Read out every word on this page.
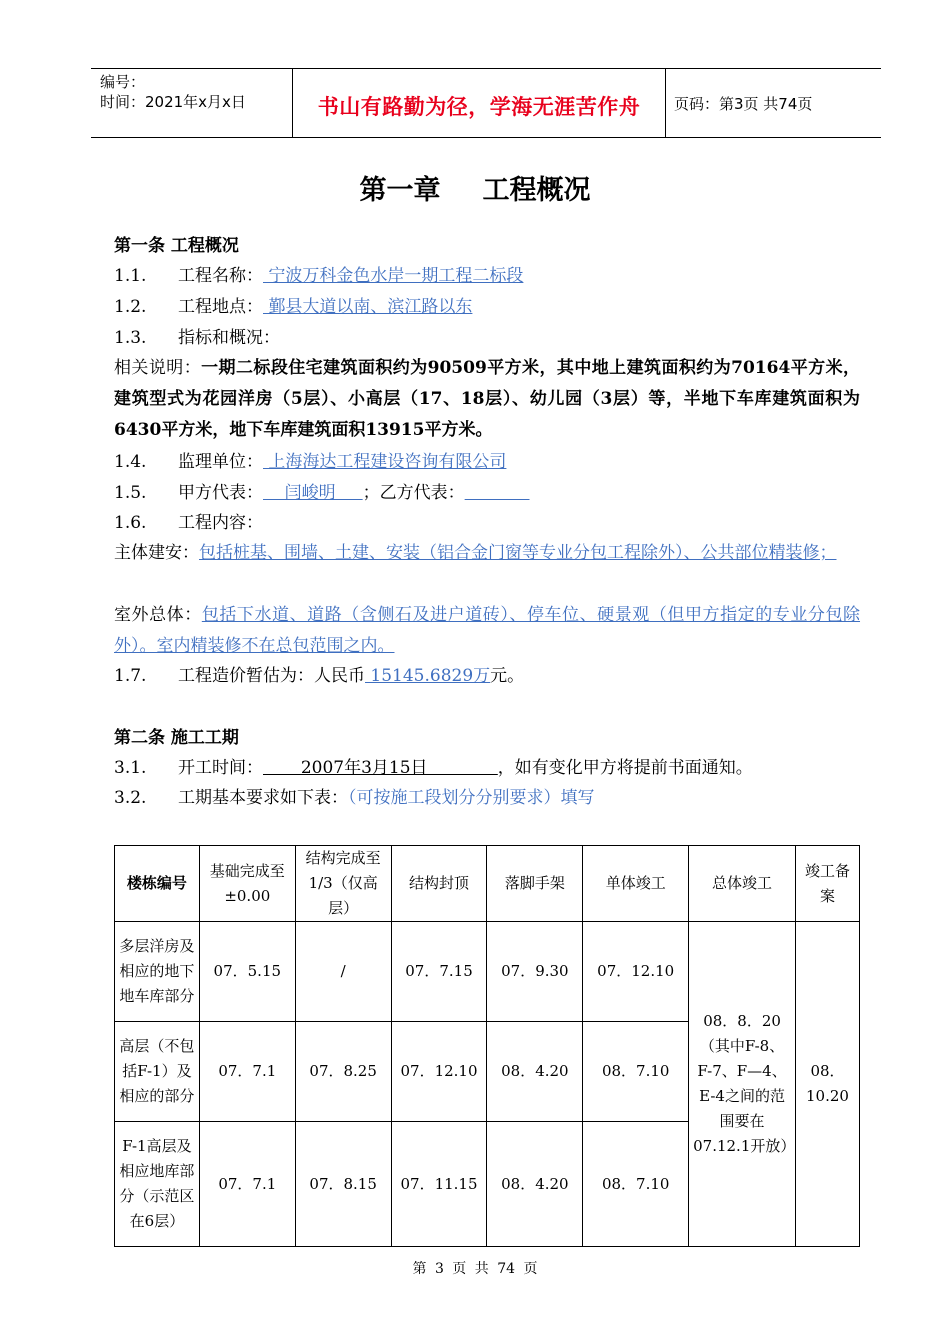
编号：
时间：2021年x月x日	书山有路勤为径，学海无涯苦作舟	页码：第3页 共74页
第一章 工程概况
第一条 工程概况
1.1. 工程名称： 宁波万科金色水岸一期工程二标段
1.2. 工程地点： 鄞县大道以南、滨江路以东
1.3. 指标和概况：
相关说明：一期二标段住宅建筑面积约为90509平方米，其中地上建筑面积约为70164平方米，建筑型式为花园洋房（5层）、小高层（17、18层）、幼儿园（3层）等，半地下车库建筑面积为6430平方米，地下车库建筑面积13915平方米。
1.4. 监理单位： 上海海达工程建设咨询有限公司
1.5. 甲方代表：    闫峻明     ；乙方代表：
1.6. 工程内容：
主体建安：包括桩基、围墙、土建、安装（铝合金门窗等专业分包工程除外）、公共部位精装修；
室外总体：包括下水道、道路（含侧石及进户道砖）、停车位、硬景观（但甲方指定的专业分包除外）。室内精装修不在总包范围之内。
1.7. 工程造价暂估为：人民币 15145.6829万元。
第二条 施工工期
3.1. 开工时间：       2007年3月15日             ，如有变化甲方将提前书面通知。
3.2. 工期基本要求如下表：（可按施工段划分分别要求）填写
楼栋编号	基础完成至±0.00	结构完成至1/3（仅高层）	结构封顶	落脚手架	单体竣工	总体竣工	竣工备案
多层洋房及相应的地下地车库部分	07．5.15	/	07．7.15	07．9.30	07．12.10	08．8．20（其中F-8、F-7、F—4、E-4之间的范围要在07.12.1开放）	08．10.20
高层（不包括F-1）及相应的部分	07．7.1	07．8.25	07．12.10	08．4.20	08．7.10		
F-1高层及相应地库部分（示范区在6层）	07．7.1	07．8.15	07．11.15	08．4.20	08．7.10		
第 3 页 共 74 页
